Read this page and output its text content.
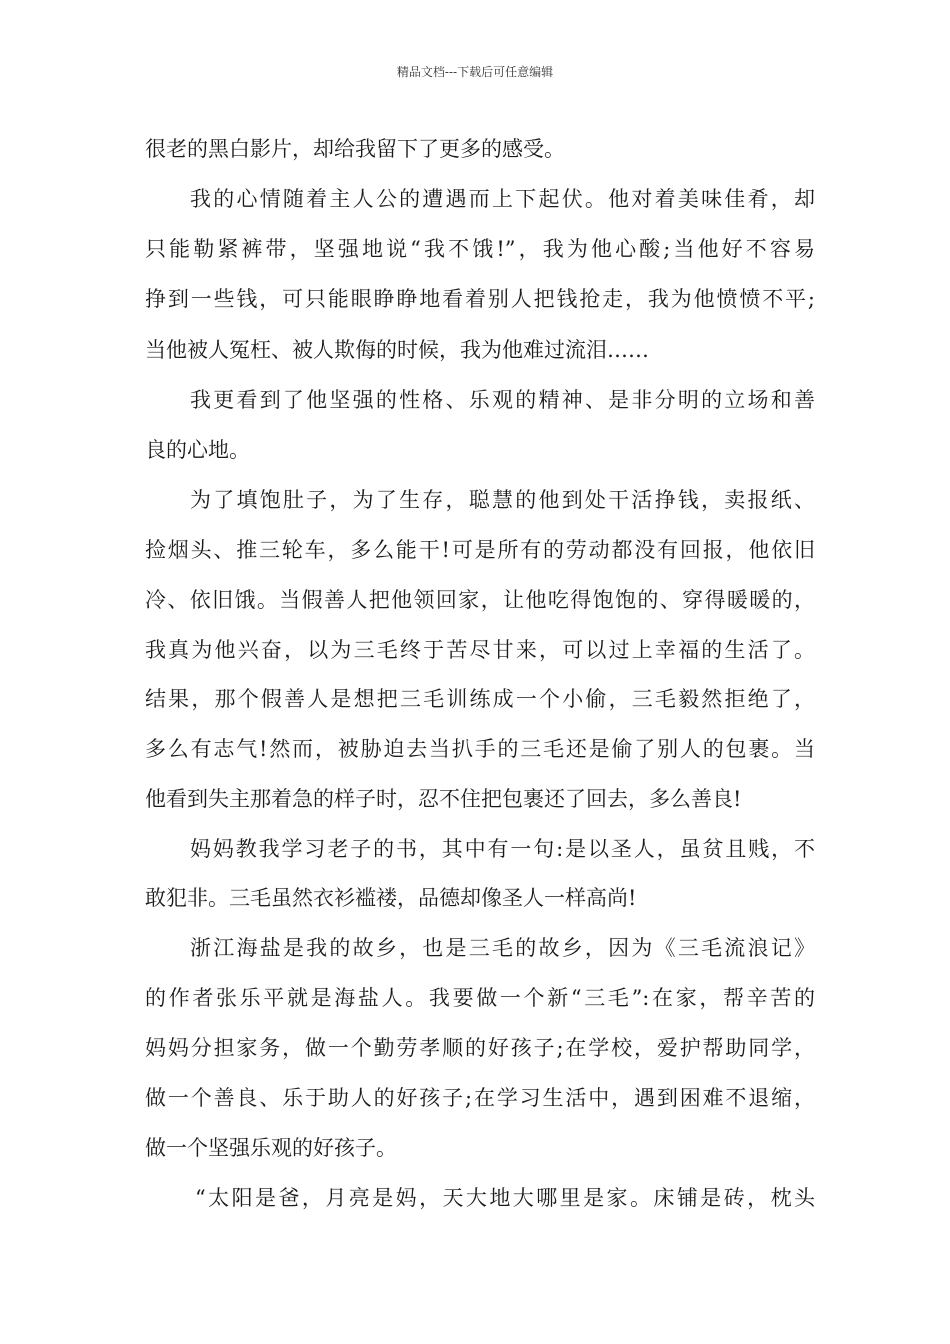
精品文档---下载后可任意编辑
很老的黑白影片，却给我留下了更多的感受。
我的心情随着主人公的遭遇而上下起伏。他对着美味佳肴，却
只能勒紧裤带，坚强地说“我不饿!”，我为他心酸;当他好不容易
挣到一些钱，可只能眼睁睁地看着别人把钱抢走，我为他愤愤不平;
当他被人冤枉、被人欺侮的时候，我为他难过流泪……
我更看到了他坚强的性格、乐观的精神、是非分明的立场和善
良的心地。
为了填饱肚子，为了生存，聪慧的他到处干活挣钱，卖报纸、
捡烟头、推三轮车，多么能干!可是所有的劳动都没有回报，他依旧
冷、依旧饿。当假善人把他领回家，让他吃得饱饱的、穿得暖暖的，
我真为他兴奋，以为三毛终于苦尽甘来，可以过上幸福的生活了。
结果，那个假善人是想把三毛训练成一个小偷，三毛毅然拒绝了，
多么有志气!然而，被胁迫去当扒手的三毛还是偷了别人的包裹。当
他看到失主那着急的样子时，忍不住把包裹还了回去，多么善良!
妈妈教我学习老子的书，其中有一句:是以圣人，虽贫且贱，不
敢犯非。三毛虽然衣衫褴褛，品德却像圣人一样高尚!
浙江海盐是我的故乡，也是三毛的故乡，因为《三毛流浪记》
的作者张乐平就是海盐人。我要做一个新“三毛”:在家，帮辛苦的
妈妈分担家务，做一个勤劳孝顺的好孩子;在学校，爱护帮助同学，
做一个善良、乐于助人的好孩子;在学习生活中，遇到困难不退缩，
做一个坚强乐观的好孩子。
“太阳是爸，月亮是妈，天大地大哪里是家。床铺是砖，枕头
